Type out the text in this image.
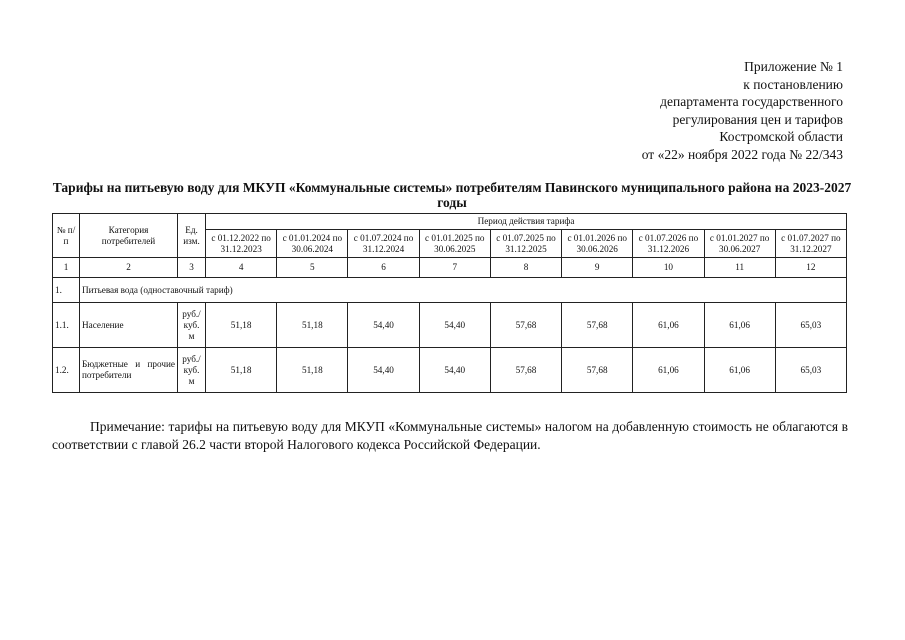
Приложение № 1
к постановлению
департамента государственного
регулирования цен и тарифов
Костромской области
от «22» ноября 2022 года № 22/343
Тарифы на питьевую воду для МКУП «Коммунальные системы» потребителям Павинского муниципального района на 2023-2027 годы
№ п/п	Категория потребителей	Ед. изм.	Период действия тарифа								
			с 01.12.2022 по 31.12.2023	с 01.01.2024 по 30.06.2024	с 01.07.2024 по 31.12.2024	с 01.01.2025 по 30.06.2025	с 01.07.2025 по 31.12.2025	с 01.01.2026 по 30.06.2026	с 01.07.2026 по 31.12.2026	с 01.01.2027 по 30.06.2027	с 01.07.2027 по 31.12.2027
1	2	3	4	5	6	7	8	9	10	11	12
1.	Питьевая вода (одноставочный тариф)										
1.1.	Население	руб./ куб. м	51,18	51,18	54,40	54,40	57,68	57,68	61,06	61,06	65,03
1.2.	Бюджетные и прочие потребители	руб./ куб. м	51,18	51,18	54,40	54,40	57,68	57,68	61,06	61,06	65,03
Примечание: тарифы на питьевую воду для МКУП «Коммунальные системы» налогом на добавленную стоимость не облагаются в соответствии с главой 26.2 части второй Налогового кодекса Российской Федерации.
